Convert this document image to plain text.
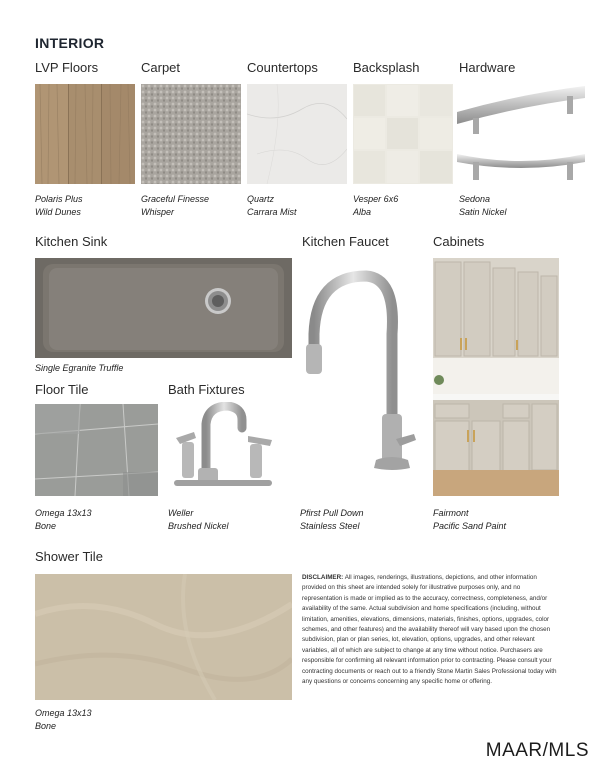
INTERIOR
LVP Floors	Carpet	Countertops	Backsplash	Hardware
Polaris Plus
Wild Dunes
Graceful Finesse
Whisper
Quartz
Carrara Mist
Vesper 6x6
Alba
Sedona
Satin Nickel
Kitchen Sink	Kitchen Faucet	Cabinets
Single Egranite Truffle
Pfirst Pull Down
Stainless Steel
Fairmont
Pacific Sand Paint
Floor Tile	Bath Fixtures
Omega 13x13
Bone
Weller
Brushed Nickel
Shower Tile
Omega 13x13
Bone
DISCLAIMER: All images, renderings, illustrations, depictions, and other information provided on this sheet are intended solely for illustrative purposes only, and no representation is made or implied as to the accuracy, correctness, completeness, and/or availability of the same. Actual subdivision and home specifications (including, without limitation, amenities, elevations, dimensions, materials, finishes, options, upgrades, color schemes, and other features) and the availability thereof will vary based upon the chosen subdivision, plan or plan series, lot, elevation, options, upgrades, and other relevant variables, all of which are subject to change at any time without notice. Purchasers are responsible for confirming all relevant information prior to contracting. Please consult your contracting documents or reach out to a friendly Stone Martin Sales Professional today with any questions or concerns concerning any specific home or offering.
MAAR/MLS
